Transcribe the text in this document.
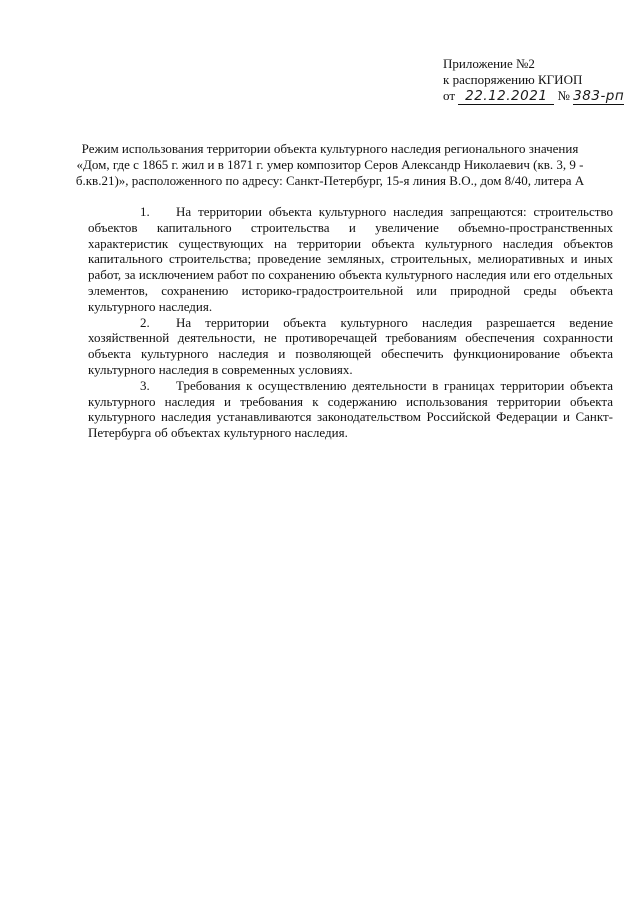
Приложение №2
к распоряжению КГИОП
от 22.12.2021 № 383-рп
Режим использования территории объекта культурного наследия регионального значения
«Дом, где с 1865 г. жил и в 1871 г. умер композитор Серов Александр Николаевич (кв. 3, 9 -
б.кв.21)», расположенного по адресу: Санкт-Петербург, 15-я линия В.О., дом 8/40, литера А

1. На территории объекта культурного наследия запрещаются: строительство объектов капитального строительства и увеличение объемно-пространственных характеристик существующих на территории объекта культурного наследия объектов капитального строительства; проведение земляных, строительных, мелиоративных и иных работ, за исключением работ по сохранению объекта культурного наследия или его отдельных элементов, сохранению историко-градостроительной или природной среды объекта культурного наследия.

2. На территории объекта культурного наследия разрешается ведение хозяйственной деятельности, не противоречащей требованиям обеспечения сохранности объекта культурного наследия и позволяющей обеспечить функционирование объекта культурного наследия в современных условиях.

3. Требования к осуществлению деятельности в границах территории объекта культурного наследия и требования к содержанию использования территории объекта культурного наследия устанавливаются законодательством Российской Федерации и Санкт-Петербурга об объектах культурного наследия.
